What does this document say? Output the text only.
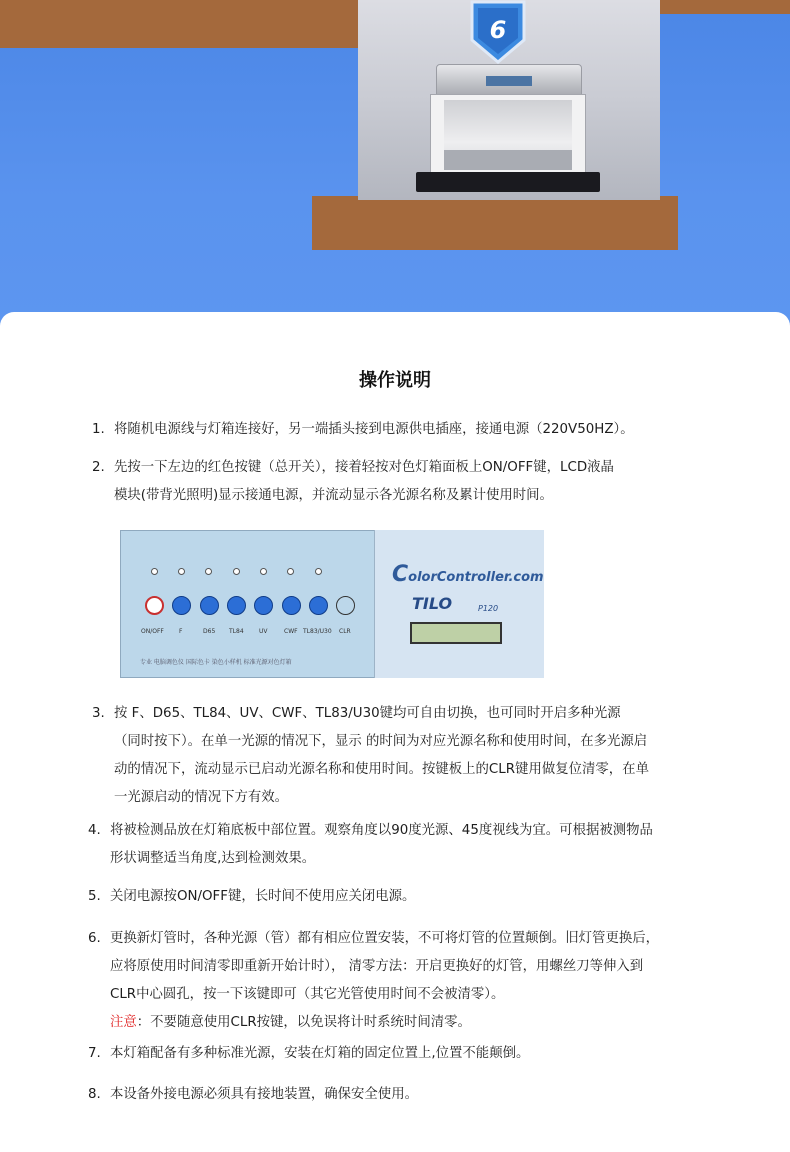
6
操作说明
1. 将随机电源线与灯箱连接好，另一端插头接到电源供电插座，接通电源（220V50HZ）。
2. 先按一下左边的红色按键（总开关），接着轻按对色灯箱面板上ON/OFF键，LCD液晶
模块(带背光照明)显示接通电源，并流动显示各光源名称及累计使用时间。
ON/OFF	F	D65 TL84	UV	CWF TL83/U30 CLR
ColorController.com
TILO	P120
专业 电脑调色仪 国际色卡 染色小样机 标准光源对色灯箱
3. 按 F、D65、TL84、UV、CWF、TL83/U30键均可自由切换，也可同时开启多种光源
（同时按下）。在单一光源的情况下，显示 的时间为对应光源名称和使用时间，在多光源启
动的情况下，流动显示已启动光源名称和使用时间。按键板上的CLR键用做复位清零，在单
一光源启动的情况下方有效。
4. 将被检测品放在灯箱底板中部位置。观察角度以90度光源、45度视线为宜。可根据被测物品
形状调整适当角度,达到检测效果。
5. 关闭电源按ON/OFF键，长时间不使用应关闭电源。
6. 更换新灯管时，各种光源（管）都有相应位置安装，不可将灯管的位置颠倒。旧灯管更换后，
应将原使用时间清零即重新开始计时）， 清零方法：开启更换好的灯管，用螺丝刀等伸入到
CLR中心圆孔，按一下该键即可（其它光管使用时间不会被清零）。
注意：不要随意使用CLR按键，以免误将计时系统时间清零。
7. 本灯箱配备有多种标准光源，安装在灯箱的固定位置上,位置不能颠倒。
8. 本设备外接电源必须具有接地装置，确保安全使用。
